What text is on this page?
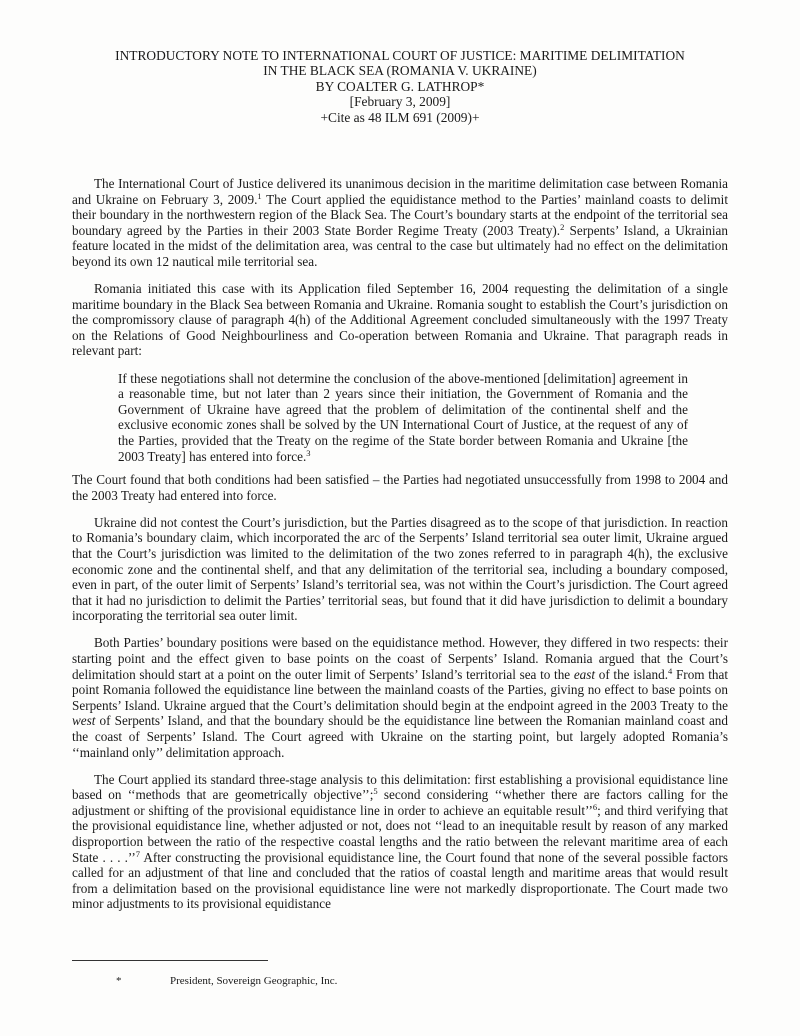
INTRODUCTORY NOTE TO INTERNATIONAL COURT OF JUSTICE: MARITIME DELIMITATION
IN THE BLACK SEA (ROMANIA V. UKRAINE)
BY COALTER G. LATHROP*
[February 3, 2009]
+Cite as 48 ILM 691 (2009)+

The International Court of Justice delivered its unanimous decision in the maritime delimitation case between Romania and Ukraine on February 3, 2009.$^1$ The Court applied the equidistance method to the Parties’ mainland coasts to delimit their boundary in the northwestern region of the Black Sea. The Court’s boundary starts at the endpoint of the territorial sea boundary agreed by the Parties in their 2003 State Border Regime Treaty (2003 Treaty).$^2$ Serpents’ Island, a Ukrainian feature located in the midst of the delimitation area, was central to the case but ultimately had no effect on the delimitation beyond its own 12 nautical mile territorial sea.

Romania initiated this case with its Application filed September 16, 2004 requesting the delimitation of a single maritime boundary in the Black Sea between Romania and Ukraine. Romania sought to establish the Court’s jurisdiction on the compromissory clause of paragraph 4(h) of the Additional Agreement concluded simultaneously with the 1997 Treaty on the Relations of Good Neighbourliness and Co-operation between Romania and Ukraine. That paragraph reads in relevant part:

If these negotiations shall not determine the conclusion of the above-mentioned [delimitation] agreement in a reasonable time, but not later than 2 years since their initiation, the Government of Romania and the Government of Ukraine have agreed that the problem of delimitation of the continental shelf and the exclusive economic zones shall be solved by the UN International Court of Justice, at the request of any of the Parties, provided that the Treaty on the regime of the State border between Romania and Ukraine [the 2003 Treaty] has entered into force.$^3$

The Court found that both conditions had been satisfied – the Parties had negotiated unsuccessfully from 1998 to 2004 and the 2003 Treaty had entered into force.

Ukraine did not contest the Court’s jurisdiction, but the Parties disagreed as to the scope of that jurisdiction. In reaction to Romania’s boundary claim, which incorporated the arc of the Serpents’ Island territorial sea outer limit, Ukraine argued that the Court’s jurisdiction was limited to the delimitation of the two zones referred to in paragraph 4(h), the exclusive economic zone and the continental shelf, and that any delimitation of the territorial sea, including a boundary composed, even in part, of the outer limit of Serpents’ Island’s territorial sea, was not within the Court’s jurisdiction. The Court agreed that it had no jurisdiction to delimit the Parties’ territorial seas, but found that it did have jurisdiction to delimit a boundary incorporating the territorial sea outer limit.

Both Parties’ boundary positions were based on the equidistance method. However, they differed in two respects: their starting point and the effect given to base points on the coast of Serpents’ Island. Romania argued that the Court’s delimitation should start at a point on the outer limit of Serpents’ Island’s territorial sea to the east of the island.$^4$ From that point Romania followed the equidistance line between the mainland coasts of the Parties, giving no effect to base points on Serpents’ Island. Ukraine argued that the Court’s delimitation should begin at the endpoint agreed in the 2003 Treaty to the west of Serpents’ Island, and that the boundary should be the equidistance line between the Romanian mainland coast and the coast of Serpents’ Island. The Court agreed with Ukraine on the starting point, but largely adopted Romania’s ‘‘mainland only’’ delimitation approach.

The Court applied its standard three-stage analysis to this delimitation: first establishing a provisional equidistance line based on ‘‘methods that are geometrically objective’’;$^5$ second considering ‘‘whether there are factors calling for the adjustment or shifting of the provisional equidistance line in order to achieve an equitable result’’$^6$; and third verifying that the provisional equidistance line, whether adjusted or not, does not ‘‘lead to an inequitable result by reason of any marked disproportion between the ratio of the respective coastal lengths and the ratio between the relevant maritime area of each State . . . .’’$^7$ After constructing the provisional equidistance line, the Court found that none of the several possible factors called for an adjustment of that line and concluded that the ratios of coastal length and maritime areas that would result from a delimitation based on the provisional equidistance line were not markedly disproportionate. The Court made two minor adjustments to its provisional equidistance

*	President, Sovereign Geographic, Inc.
